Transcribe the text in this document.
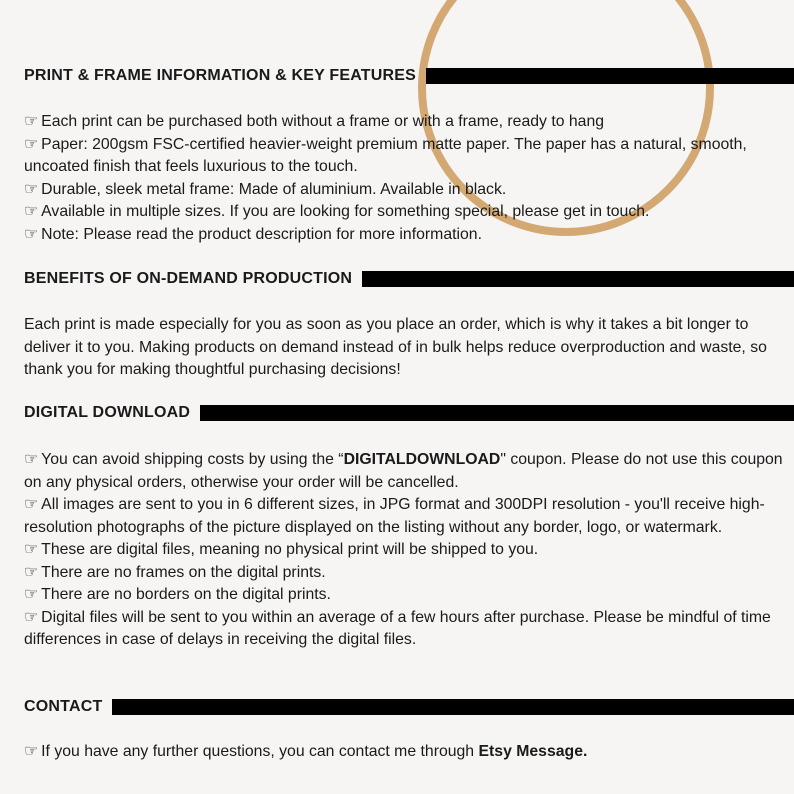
PRINT & FRAME INFORMATION & KEY FEATURES
☞ Each print can be purchased both without a frame or with a frame, ready to hang
☞ Paper: 200gsm FSC-certified heavier-weight premium matte paper. The paper has a natural, smooth, uncoated finish that feels luxurious to the touch.
☞ Durable, sleek metal frame: Made of aluminium. Available in black.
☞ Available in multiple sizes. If you are looking for something special, please get in touch.
☞ Note: Please read the product description for more information.
BENEFITS OF ON-DEMAND PRODUCTION
Each print is made especially for you as soon as you place an order, which is why it takes a bit longer to deliver it to you. Making products on demand instead of in bulk helps reduce overproduction and waste, so thank you for making thoughtful purchasing decisions!
DIGITAL DOWNLOAD
☞ You can avoid shipping costs by using the “DIGITALDOWNLOAD" coupon. Please do not use this coupon on any physical orders, otherwise your order will be cancelled.
☞ All images are sent to you in 6 different sizes, in JPG format and 300DPI resolution - you'll receive high-resolution photographs of the picture displayed on the listing without any border, logo, or watermark.
☞ These are digital files, meaning no physical print will be shipped to you.
☞ There are no frames on the digital prints.
☞ There are no borders on the digital prints.
☞ Digital files will be sent to you within an average of a few hours after purchase. Please be mindful of time differences in case of delays in receiving the digital files.
CONTACT
☞ If you have any further questions, you can contact me through Etsy Message.
